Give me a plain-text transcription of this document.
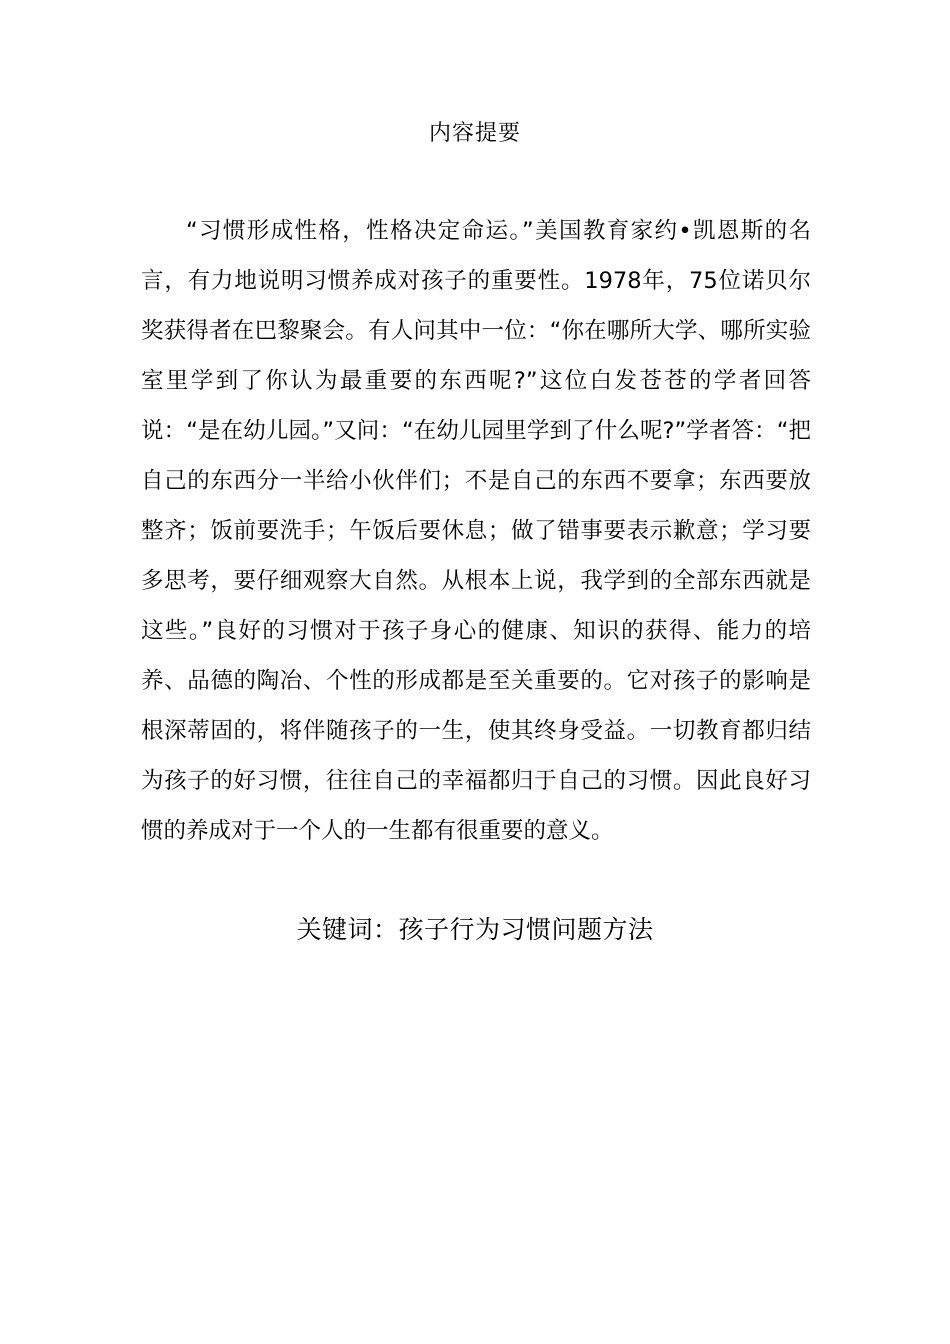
内容提要

“习惯形成性格，性格决定命运。”美国教育家约•凯恩斯的名言，有力地说明习惯养成对孩子的重要性。1978年，75位诺贝尔奖获得者在巴黎聚会。有人问其中一位：“你在哪所大学、哪所实验室里学到了你认为最重要的东西呢?”这位白发苍苍的学者回答说：“是在幼儿园。”又问：“在幼儿园里学到了什么呢?”学者答：“把自己的东西分一半给小伙伴们；不是自己的东西不要拿；东西要放整齐；饭前要洗手；午饭后要休息；做了错事要表示歉意；学习要多思考，要仔细观察大自然。从根本上说，我学到的全部东西就是这些。”良好的习惯对于孩子身心的健康、知识的获得、能力的培养、品德的陶冶、个性的形成都是至关重要的。它对孩子的影响是根深蒂固的，将伴随孩子的一生，使其终身受益。一切教育都归结为孩子的好习惯，往往自己的幸福都归于自己的习惯。因此良好习惯的养成对于一个人的一生都有很重要的意义。

关键词：孩子行为习惯问题方法
